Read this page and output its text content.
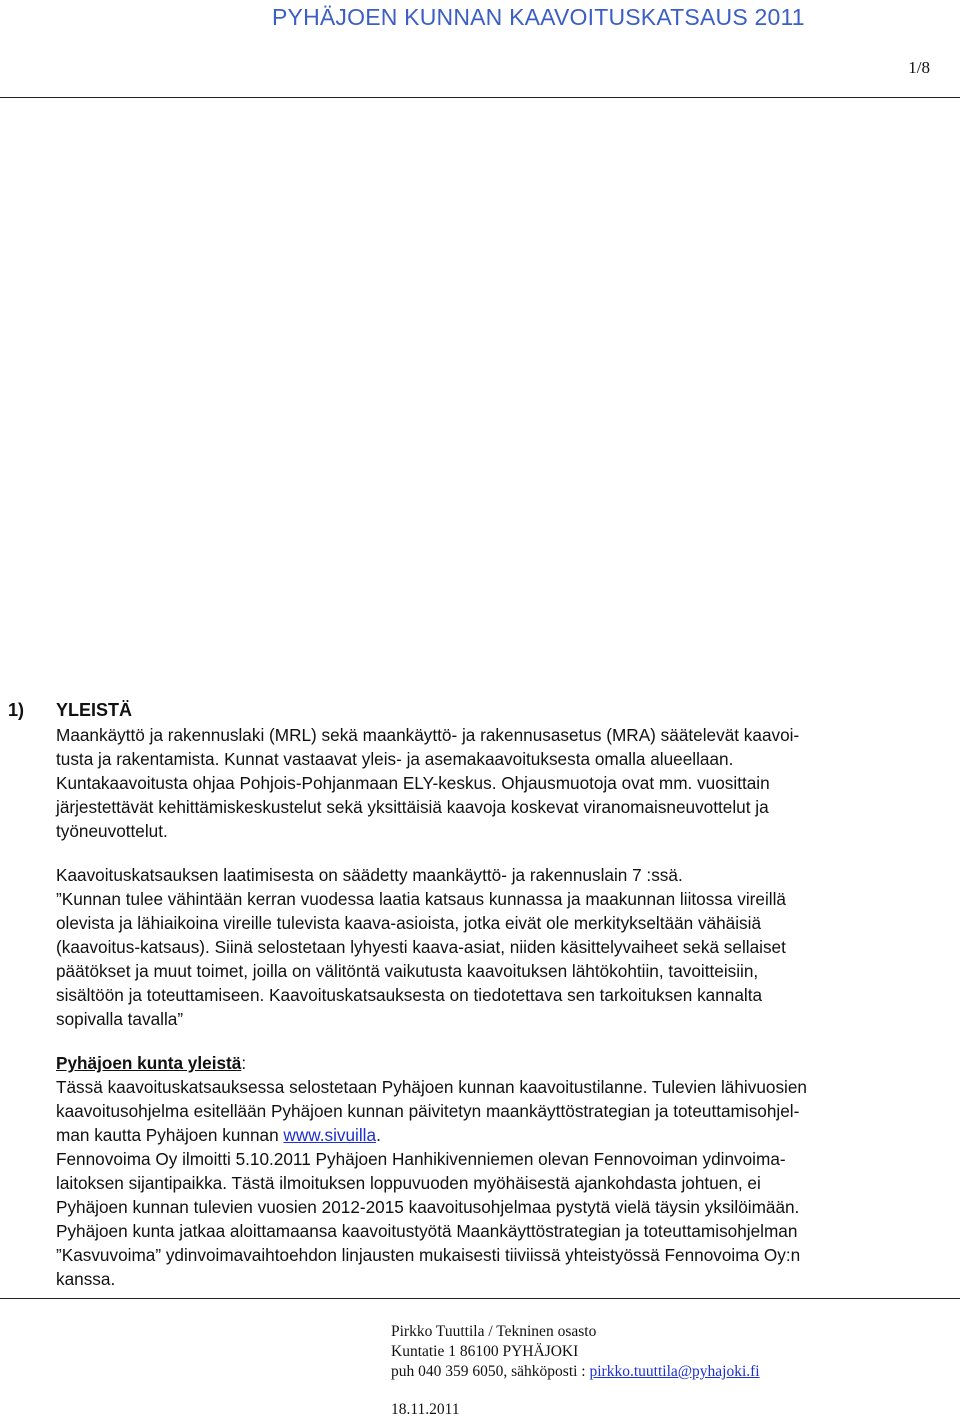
PYHÄJOEN KUNNAN KAAVOITUSKATSAUS 2011
1/8
1) YLEISTÄ
Maankäyttö ja rakennuslaki (MRL) sekä maankäyttö- ja rakennusasetus (MRA) säätelevät kaavoi-
tusta ja rakentamista. Kunnat vastaavat yleis- ja asemakaavoituksesta omalla alueellaan.
Kuntakaavoitusta ohjaa Pohjois-Pohjanmaan ELY-keskus. Ohjausmuotoja ovat mm. vuosittain
järjestettävät kehittämiskeskustelut sekä yksittäisiä kaavoja koskevat viranomaisneuvottelut ja
työneuvottelut.
Kaavoituskatsauksen laatimisesta on säädetty maankäyttö- ja rakennuslain 7 :ssä.
”Kunnan tulee vähintään kerran vuodessa laatia katsaus kunnassa ja maakunnan liitossa vireillä
olevista ja lähiaikoina vireille tulevista kaava-asioista, jotka eivät ole merkitykseltään vähäisiä
(kaavoitus-katsaus). Siinä selostetaan lyhyesti kaava-asiat, niiden käsittelyvaiheet sekä sellaiset
päätökset ja muut toimet, joilla on välitöntä vaikutusta kaavoituksen lähtökohtiin, tavoitteisiin,
sisältöön ja toteuttamiseen. Kaavoituskatsauksesta on tiedotettava sen tarkoituksen kannalta
sopivalla tavalla”
Pyhäjoen kunta yleistä:
Tässä kaavoituskatsauksessa selostetaan Pyhäjoen kunnan kaavoitustilanne. Tulevien lähivuosien
kaavoitusohjelma esitellään Pyhäjoen kunnan päivitetyn maankäyttöstrategian ja toteuttamisohjel-
man kautta Pyhäjoen kunnan www.sivuilla.
Fennovoima Oy ilmoitti 5.10.2011 Pyhäjoen Hanhikivenniemen olevan Fennovoiman ydinvoima-
laitoksen sijantipaikka. Tästä ilmoituksen loppuvuoden myöhäisestä ajankohdasta johtuen, ei
Pyhäjoen kunnan tulevien vuosien 2012-2015 kaavoitusohjelmaa pystytä vielä täysin yksilöimään.
Pyhäjoen kunta jatkaa aloittamaansa kaavoitustyötä Maankäyttöstrategian ja toteuttamisohjelman
”Kasvuvoima” ydinvoimavaihtoehdon linjausten mukaisesti tiiviissä yhteistyössä Fennovoima Oy:n
kanssa.
Pirkko Tuuttila / Tekninen osasto
Kuntatie 1 86100 PYHÄJOKI
puh 040 359 6050, sähköposti : pirkko.tuuttila@pyhajoki.fi
18.11.2011
